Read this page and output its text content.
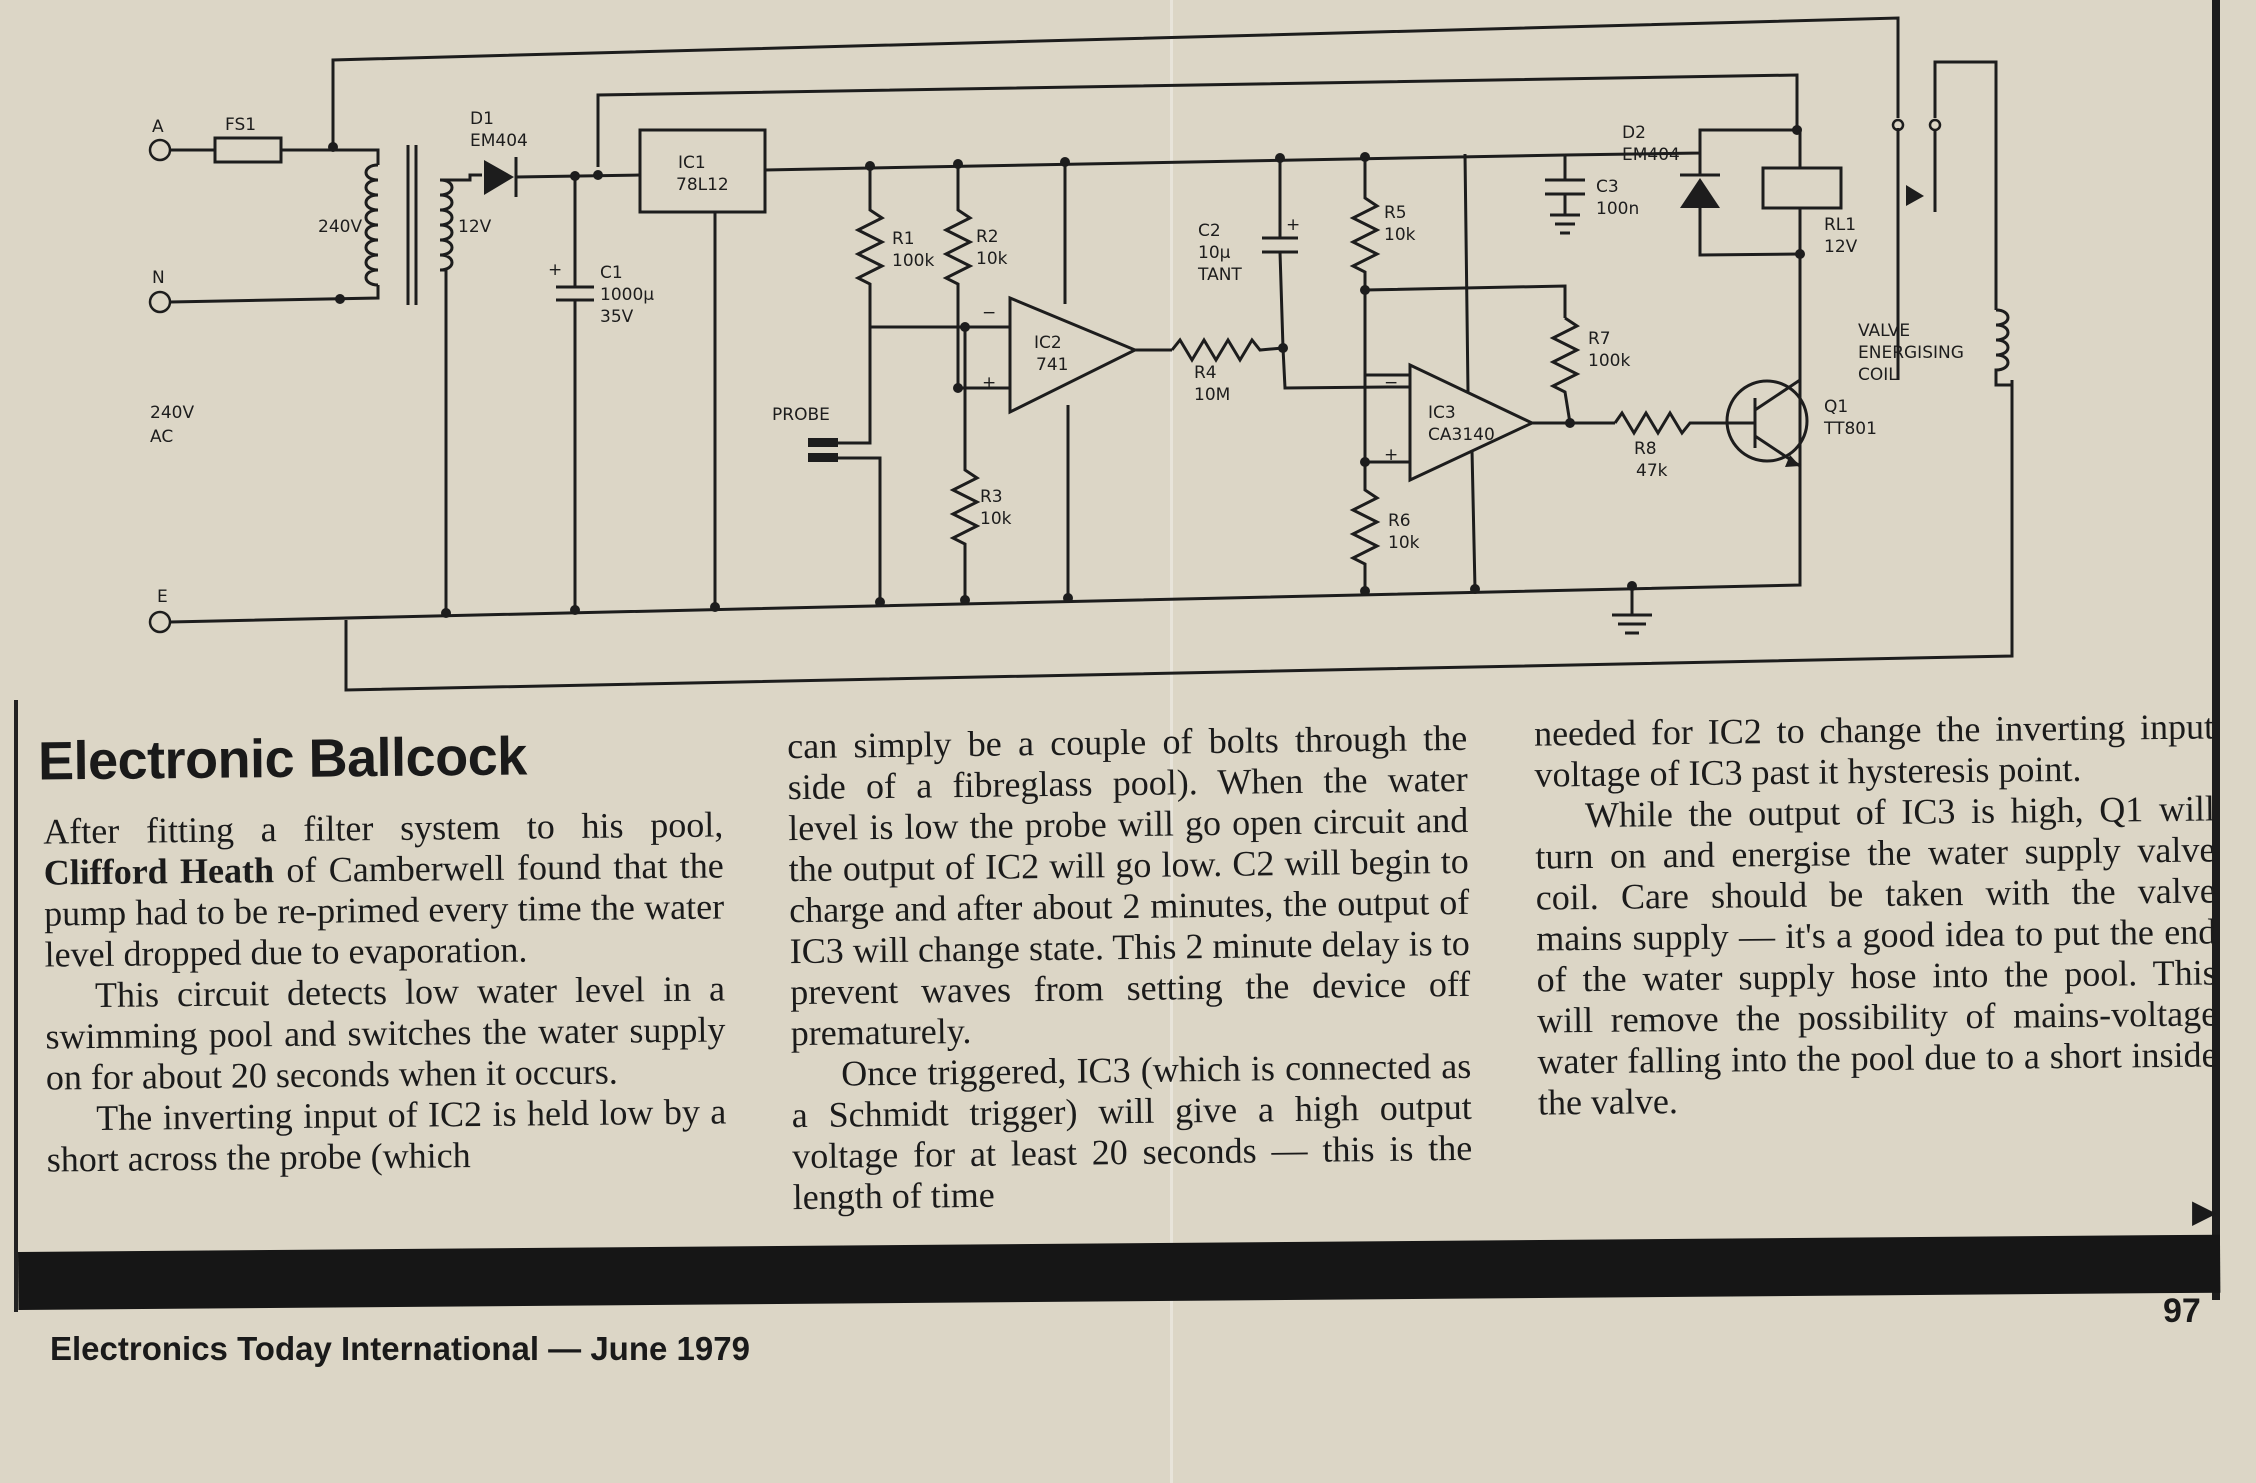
A
N
E
240V
AC
FS1
240V	12V
D1
EM404
+ C1
1000µ
35V
IC1
78L12
R1
100k
R2
10k
R3
10k
PROBE
−
+
IC2
741
C2
10µ
TANT
+
R4
10M
R5
10k
R6
10k
−
+
IC3
CA3140
C3
100n
D2
EM404
RL1
12V
R7
100k
R8
47k
Q1
TT801
VALVE
ENERGISING
COIL
Electronic Ballcock

After fitting a filter system to his pool, Clifford Heath of Camberwell found that the pump had to be re-primed every time the water level dropped due to evaporation.

This circuit detects low water level in a swimming pool and switches the water supply on for about 20 seconds when it occurs.

The inverting input of IC2 is held low by a short across the probe (which

can simply be a couple of bolts through the side of a fibreglass pool). When the water level is low the probe will go open circuit and the output of IC2 will go low. C2 will begin to charge and after about 2 minutes, the output of IC3 will change state. This 2 minute delay is to prevent waves from setting the device off prematurely.

Once triggered, IC3 (which is connected as a Schmidt trigger) will give a high output voltage for at least 20 seconds — this is the length of time

needed for IC2 to change the inverting input voltage of IC3 past it hysteresis point.

While the output of IC3 is high, Q1 will turn on and energise the water supply valve coil. Care should be taken with the valve mains supply — it's a good idea to put the end of the water supply hose into the pool. This will remove the possibility of mains-voltage water falling into the pool due to a short inside the valve.

▶
97
Electronics Today International — June 1979
